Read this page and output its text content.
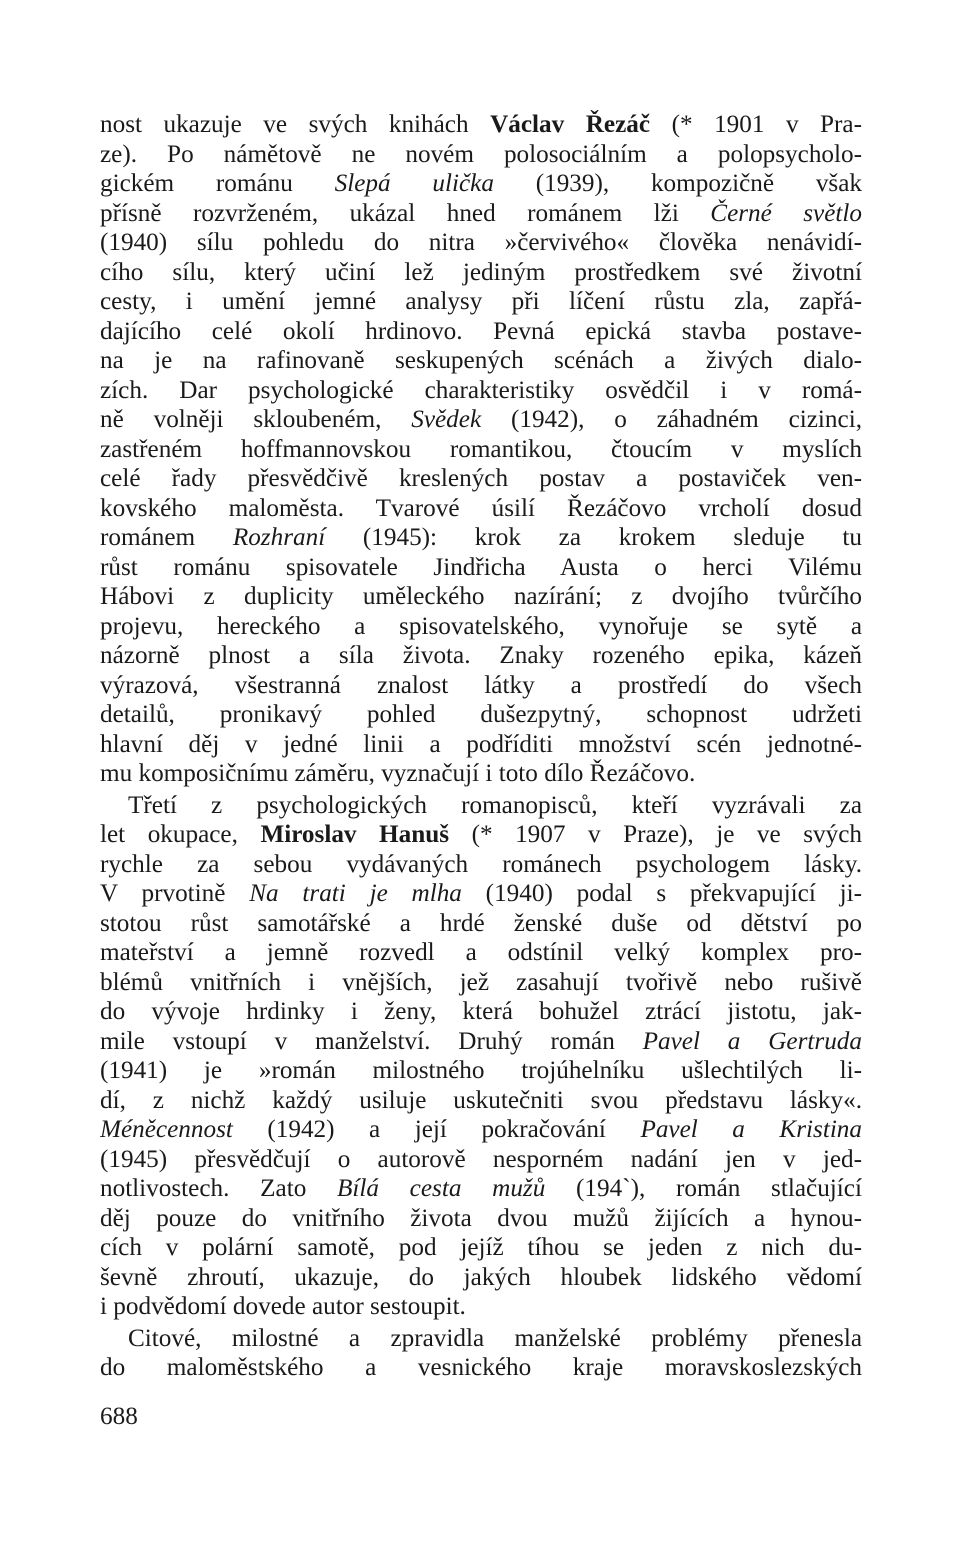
nost ukazuje ve svých knihách Václav Řezáč (* 1901 v Pra-
ze). Po námětově ne novém polosociálním a polopsycholo-
gickém románu Slepá ulička (1939), kompozičně však
přísně rozvrženém, ukázal hned románem lži Černé světlo
(1940) sílu pohledu do nitra »červivého« člověka nenávidí-
cího sílu, který učiní lež jediným prostředkem své životní
cesty, i umění jemné analysy při líčení růstu zla, zapřá-
dajícího celé okolí hrdinovo. Pevná epická stavba postave-
na je na rafinovaně seskupených scénách a živých dialo-
zích. Dar psychologické charakteristiky osvědčil i v romá-
ně volněji skloubeném, Svědek (1942), o záhadném cizinci,
zastřeném hoffmannovskou romantikou, čtoucím v myslích
celé řady přesvědčivě kreslených postav a postaviček ven-
kovského maloměsta. Tvarové úsilí Řezáčovo vrcholí dosud
románem Rozhraní (1945): krok za krokem sleduje tu
růst románu spisovatele Jindřicha Austa o herci Vilému
Hábovi z duplicity uměleckého nazírání; z dvojího tvůrčího
projevu, hereckého a spisovatelského, vynořuje se sytě a
názorně plnost a síla života. Znaky rozeného epika, kázeň
výrazová, všestranná znalost látky a prostředí do všech
detailů, pronikavý pohled dušezpytný, schopnost udržeti
hlavní děj v jedné linii a podříditi množství scén jednotné-
mu komposičnímu záměru, vyznačují i toto dílo Řezáčovo.
Třetí z psychologických romanopisců, kteří vyzrávali za
let okupace, Miroslav Hanuš (* 1907 v Praze), je ve svých
rychle za sebou vydávaných románech psychologem lásky.
V prvotině Na trati je mlha (1940) podal s překvapující ji-
stotou růst samotářské a hrdé ženské duše od dětství po
mateřství a jemně rozvedl a odstínil velký komplex pro-
blémů vnitřních i vnějších, jež zasahují tvořivě nebo rušivě
do vývoje hrdinky i ženy, která bohužel ztrácí jistotu, jak-
mile vstoupí v manželství. Druhý román Pavel a Gertruda
(1941) je »román milostného trojúhelníku ušlechtilých li-
dí, z nichž každý usiluje uskutečniti svou představu lásky«.
Méněcennost (1942) a její pokračování Pavel a Kristina
(1945) přesvědčují o autorově nesporném nadání jen v jed-
notlivostech. Zato Bílá cesta mužů (194`), román stlačující
děj pouze do vnitřního života dvou mužů žijících a hynou-
cích v polární samotě, pod jejíž tíhou se jeden z nich du-
ševně zhroutí, ukazuje, do jakých hloubek lidského vědomí
i podvědomí dovede autor sestoupit.
Citové, milostné a zpravidla manželské problémy přenesla
do maloměstského a vesnického kraje moravskoslezských
688
